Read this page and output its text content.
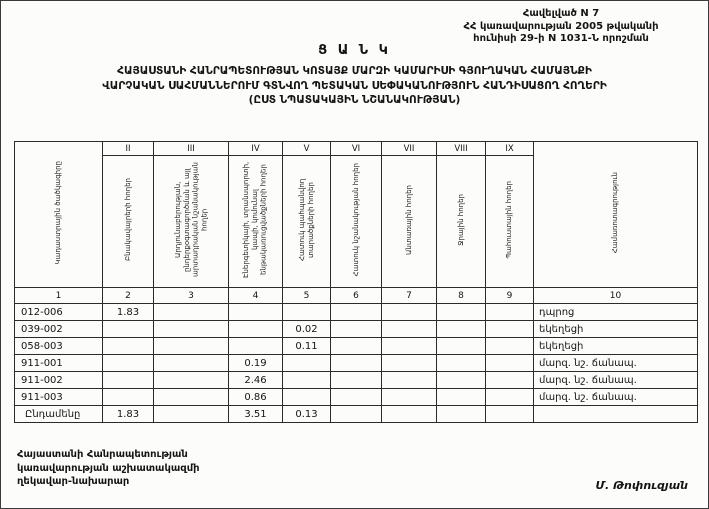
Հավելված N 7
ՀՀ կառավարության 2005 թվականի
հունիսի 29-ի N 1031-Ն որոշման
Ց Ա Ն Կ
ՀԱՅԱՍՏԱՆԻ ՀԱՆՐԱՊԵՏՈՒԹՅԱՆ ԿՈՏԱՅՔ ՄԱՐԶԻ ԿԱՄԱՐԻՍԻ ԳՅՈՒՂԱԿԱՆ ՀԱՄԱՅՆՔԻ
ՎԱՐՉԱԿԱՆ ՍԱՀՄԱՆՆԵՐՈՒՄ ԳՏՆՎՈՂ ՊԵՏԱԿԱՆ ՍԵՓԱԿԱՆՈՒԹՅՈՒՆ ՀԱՆԴԻՍԱՑՈՂ ՀՈՂԵՐԻ
(ԸՍՏ ՆՊԱՏԱԿԱՅԻՆ ՆՇԱՆԱԿՈՒԹՅԱՆ)
Կադաստրային ծածկագիրը	II	III	IV	V	VI	VII	VIII	IX	Համառոտագրություն
	Բնակավայրերի հողեր	Արդյունաբերության, ընդերքօգտագործման և այլ արտադրական նշանակության հողեր	Էներգետիկայի, տրանսպորտի, կապի, կոմունալ ենթակառուցվածքների հողեր	Հատուկ պահպանվող տարածքների հողեր	Հատուկ նշանակության հողեր	Անտառային հողեր	Ջրային հողեր	Պահուստային հողեր	
1	2	3	4	5	6	7	8	9	10
012-006	1.83								դպրոց
039-002				0.02					եկեղեցի
058-003				0.11					եկեղեցի
911-001			0.19						մարզ. նշ. ճանապ.
911-002			2.46						մարզ. նշ. ճանապ.
911-003			0.86						մարզ. նշ. ճանապ.
Ընդամենը	1.83		3.51	0.13					
Հայաստանի Հանրապետության
կառավարության աշխատակազմի
ղեկավար-նախարար	Մ. Թոփուզյան
